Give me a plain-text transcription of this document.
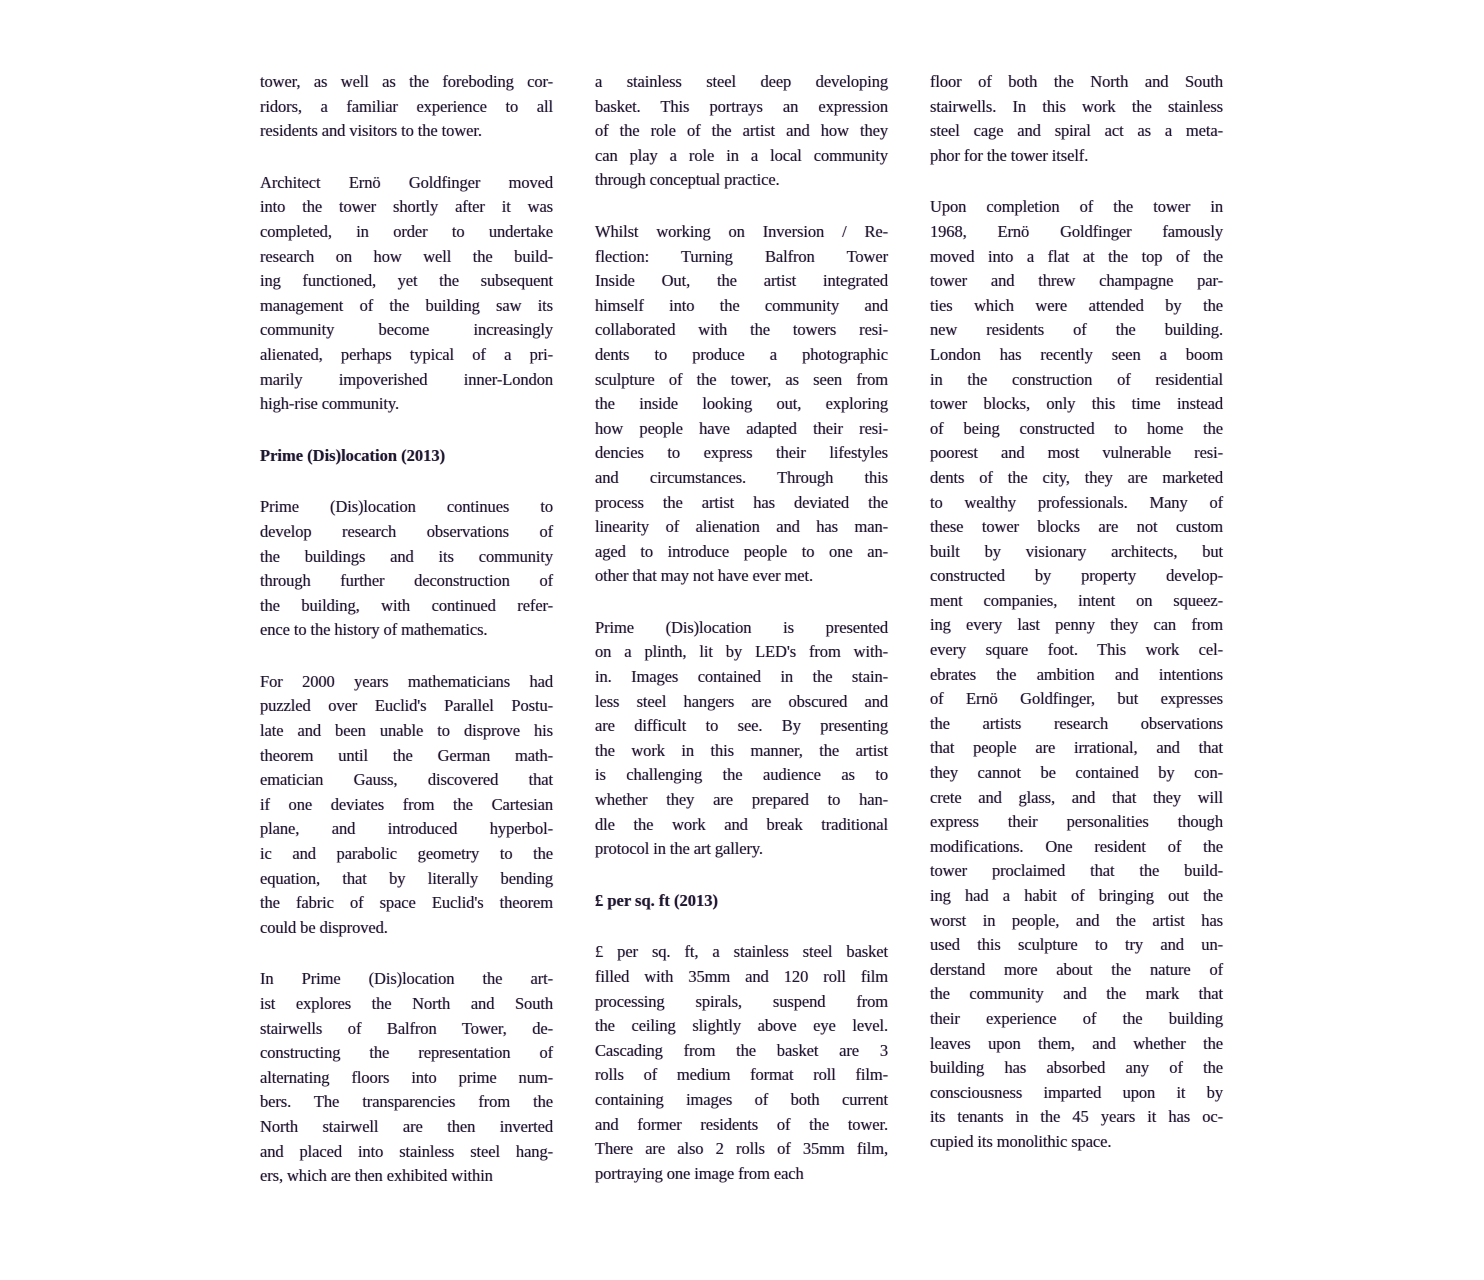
tower, as well as the foreboding cor-
ridors, a familiar experience to all
residents and visitors to the tower.
Architect Ernö Goldfinger moved
into the tower shortly after it was
completed, in order to undertake
research on how well the build-
ing functioned, yet the subsequent
management of the building saw its
community become increasingly
alienated, perhaps typical of a pri-
marily impoverished inner-London
high-rise community.
Prime (Dis)location (2013)
Prime (Dis)location continues to
develop research observations of
the buildings and its community
through further deconstruction of
the building, with continued refer-
ence to the history of mathematics.
For 2000 years mathematicians had
puzzled over Euclid's Parallel Postu-
late and been unable to disprove his
theorem until the German math-
ematician Gauss, discovered that
if one deviates from the Cartesian
plane, and introduced hyperbol-
ic and parabolic geometry to the
equation, that by literally bending
the fabric of space Euclid's theorem
could be disproved.
In Prime (Dis)location the art-
ist explores the North and South
stairwells of Balfron Tower, de-
constructing the representation of
alternating floors into prime num-
bers. The transparencies from the
North stairwell are then inverted
and placed into stainless steel hang-
ers, which are then exhibited within
a stainless steel deep developing
basket. This portrays an expression
of the role of the artist and how they
can play a role in a local community
through conceptual practice.
Whilst working on Inversion / Re-
flection: Turning Balfron Tower
Inside Out, the artist integrated
himself into the community and
collaborated with the towers resi-
dents to produce a photographic
sculpture of the tower, as seen from
the inside looking out, exploring
how people have adapted their resi-
dencies to express their lifestyles
and circumstances. Through this
process the artist has deviated the
linearity of alienation and has man-
aged to introduce people to one an-
other that may not have ever met.
Prime (Dis)location is presented
on a plinth, lit by LED's from with-
in. Images contained in the stain-
less steel hangers are obscured and
are difficult to see. By presenting
the work in this manner, the artist
is challenging the audience as to
whether they are prepared to han-
dle the work and break traditional
protocol in the art gallery.
£ per sq. ft (2013)
£ per sq. ft, a stainless steel basket
filled with 35mm and 120 roll film
processing spirals, suspend from
the ceiling slightly above eye level.
Cascading from the basket are 3
rolls of medium format roll film-
containing images of both current
and former residents of the tower.
There are also 2 rolls of 35mm film,
portraying one image from each
floor of both the North and South
stairwells. In this work the stainless
steel cage and spiral act as a meta-
phor for the tower itself.
Upon completion of the tower in
1968, Ernö Goldfinger famously
moved into a flat at the top of the
tower and threw champagne par-
ties which were attended by the
new residents of the building.
London has recently seen a boom
in the construction of residential
tower blocks, only this time instead
of being constructed to home the
poorest and most vulnerable resi-
dents of the city, they are marketed
to wealthy professionals. Many of
these tower blocks are not custom
built by visionary architects, but
constructed by property develop-
ment companies, intent on squeez-
ing every last penny they can from
every square foot. This work cel-
ebrates the ambition and intentions
of Ernö Goldfinger, but expresses
the artists research observations
that people are irrational, and that
they cannot be contained by con-
crete and glass, and that they will
express their personalities though
modifications. One resident of the
tower proclaimed that the build-
ing had a habit of bringing out the
worst in people, and the artist has
used this sculpture to try and un-
derstand more about the nature of
the community and the mark that
their experience of the building
leaves upon them, and whether the
building has absorbed any of the
consciousness imparted upon it by
its tenants in the 45 years it has oc-
cupied its monolithic space.
